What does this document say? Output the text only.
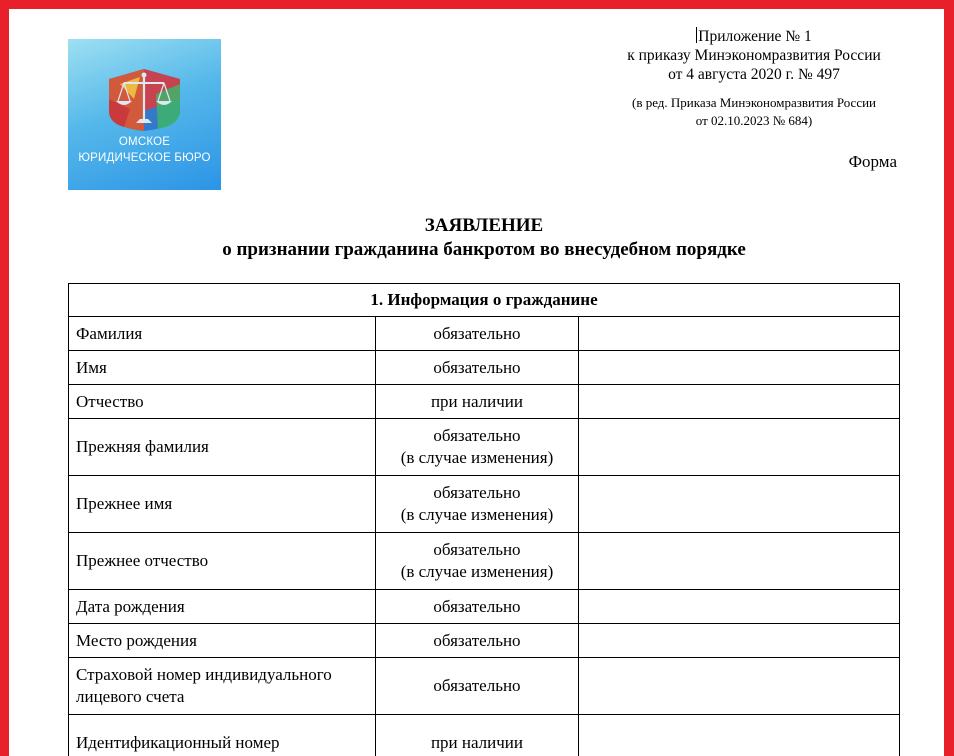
ОМСКОЕ
ЮРИДИЧЕСКОЕ БЮРО
Приложение № 1
к приказу Минэкономразвития России
от 4 августа 2020 г. № 497
(в ред. Приказа Минэкономразвития России
от 02.10.2023 № 684)
Форма
ЗАЯВЛЕНИЕ
о признании гражданина банкротом во внесудебном порядке
1. Информация о гражданине		
Фамилия	обязательно	

Имя	обязательно	

Отчество	при наличии	

Прежняя фамилия	обязательно
(в случае изменения)	

Прежнее имя	обязательно
(в случае изменения)	

Прежнее отчество	обязательно
(в случае изменения)	

Дата рождения	обязательно	

Место рождения	обязательно	

Страховой номер индивидуального лицевого счета	обязательно	

Идентификационный номер	при наличии	
